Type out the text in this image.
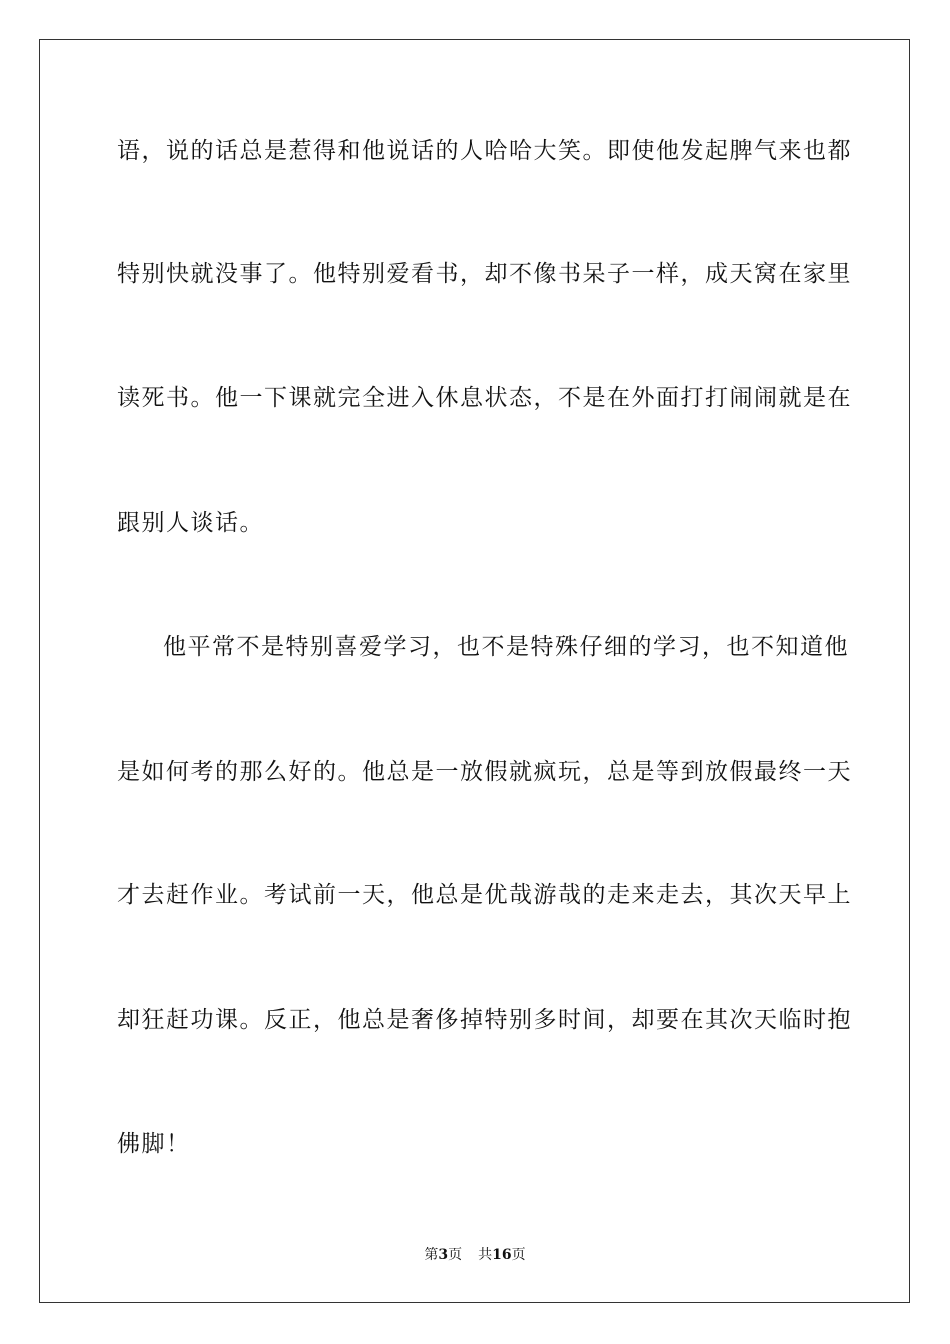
语，说的话总是惹得和他说话的人哈哈大笑。即使他发起脾气来也都
特别快就没事了。他特别爱看书，却不像书呆子一样，成天窝在家里
读死书。他一下课就完全进入休息状态，不是在外面打打闹闹就是在
跟别人谈话。
他平常不是特别喜爱学习，也不是特殊仔细的学习，也不知道他
是如何考的那么好的。他总是一放假就疯玩，总是等到放假最终一天
才去赶作业。考试前一天，他总是优哉游哉的走来走去，其次天早上
却狂赶功课。反正，他总是奢侈掉特别多时间，却要在其次天临时抱
佛脚！
第3页 共16页
